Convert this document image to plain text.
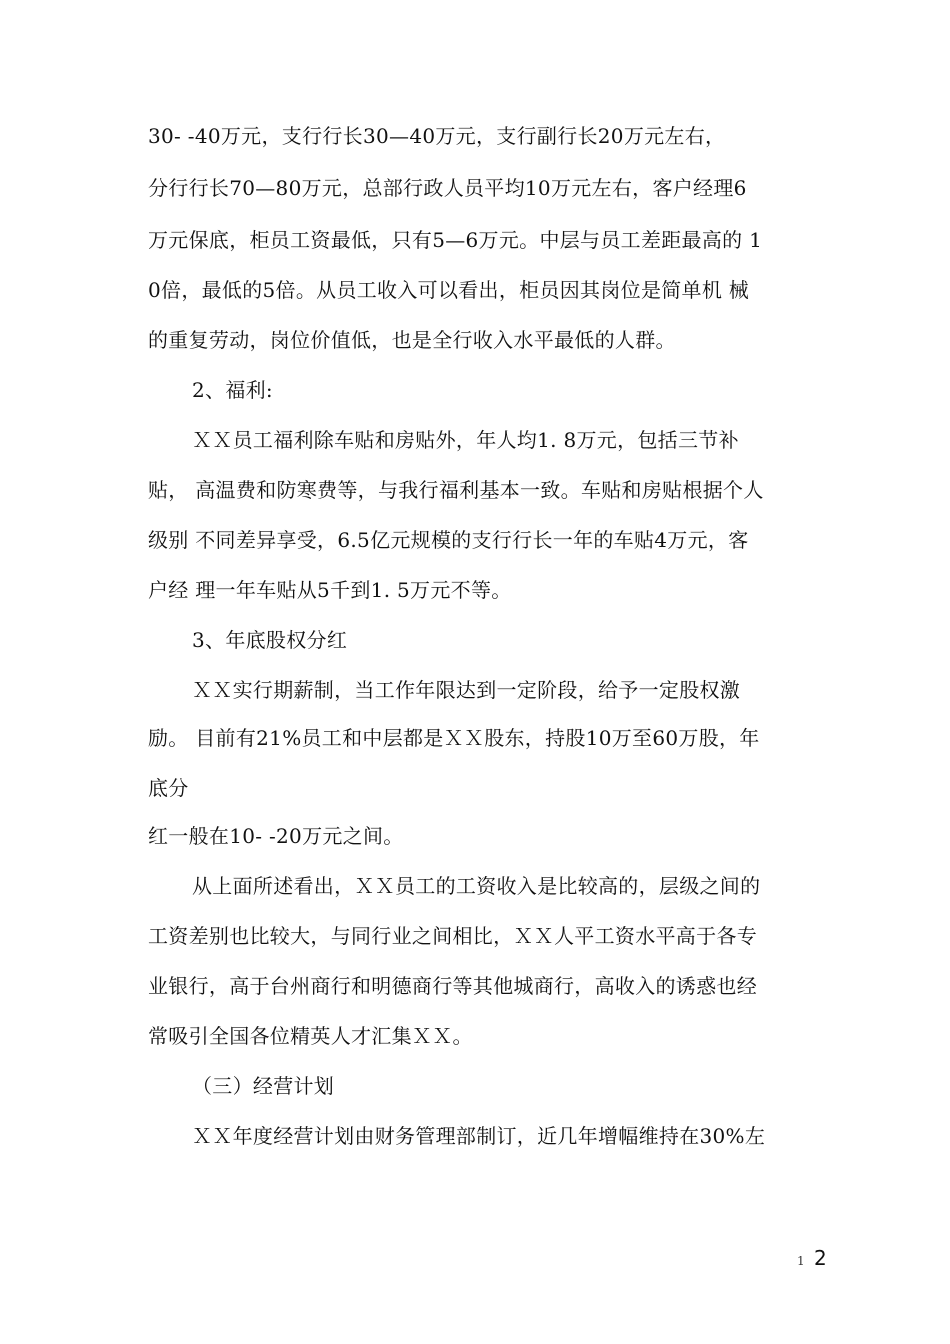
30- -40万元，支行行长30—40万元，支行副行长20万元左右，
分行行长70—80万元，总部行政人员平均10万元左右，客户经理6
万元保底，柜员工资最低，只有5—6万元。中层与员工差距最高的 1
0倍，最低的5倍。从员工收入可以看出，柜员因其岗位是简单机 械
的重复劳动，岗位价值低，也是全行收入水平最低的人群。
2、福利:
ＸＸ员工福利除车贴和房贴外，年人均1. 8万元，包括三节补
贴， 高温费和防寒费等，与我行福利基本一致。车贴和房贴根据个人
级别 不同差异享受，6.5亿元规模的支行行长一年的车贴4万元，客
户经 理一年车贴从5千到1. 5万元不等。
3、年底股权分红
ＸＸ实行期薪制，当工作年限达到一定阶段，给予一定股权激
励。 目前有21%员工和中层都是ＸＸ股东，持股10万至60万股，年
底分
红一般在10- -20万元之间。
从上面所述看出，ＸＸ员工的工资收入是比较高的，层级之间的
工资差别也比较大，与同行业之间相比，ＸＸ人平工资水平高于各专
业银行，高于台州商行和明德商行等其他城商行，高收入的诱惑也经
常吸引全国各位精英人才汇集ＸＸ。
（三）经营计划
ＸＸ年度经营计划由财务管理部制订，近几年增幅维持在30%左
1 2
